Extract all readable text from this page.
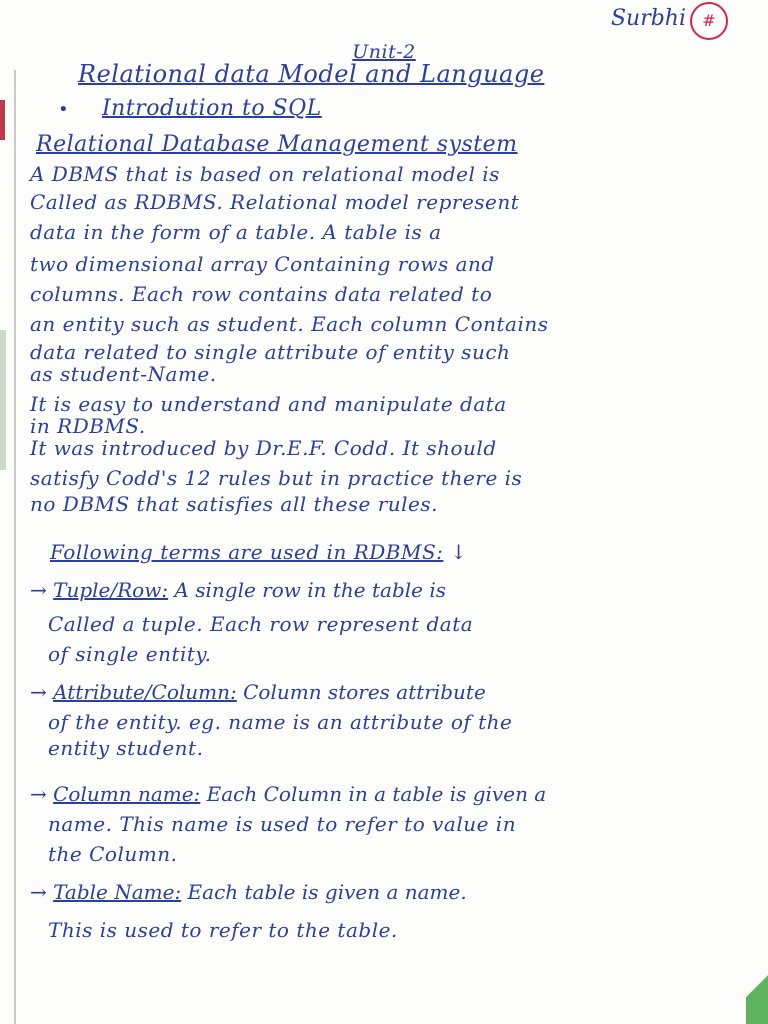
Surbhi	#
Unit-2
Relational data Model and Language
• Introdution to SQL
Relational Database Management system
A DBMS that is based on relational model is
Called as RDBMS. Relational model represent
data in the form of a table. A table is a
two dimensional array Containing rows and
columns. Each row contains data related to
an entity such as student. Each column Contains
data related to single attribute of entity such
as student-Name.
It is easy to understand and manipulate data
in RDBMS.
It was introduced by Dr.E.F. Codd. It should
satisfy Codd's 12 rules but in practice there is
no DBMS that satisfies all these rules.
Following terms are used in RDBMS: ↓
→ Tuple/Row: A single row in the table is
Called a tuple. Each row represent data
of single entity.
→ Attribute/Column: Column stores attribute
of the entity. eg. name is an attribute of the
entity student.
→ Column name: Each Column in a table is given a
name. This name is used to refer to value in
the Column.
→ Table Name: Each table is given a name.
This is used to refer to the table.
